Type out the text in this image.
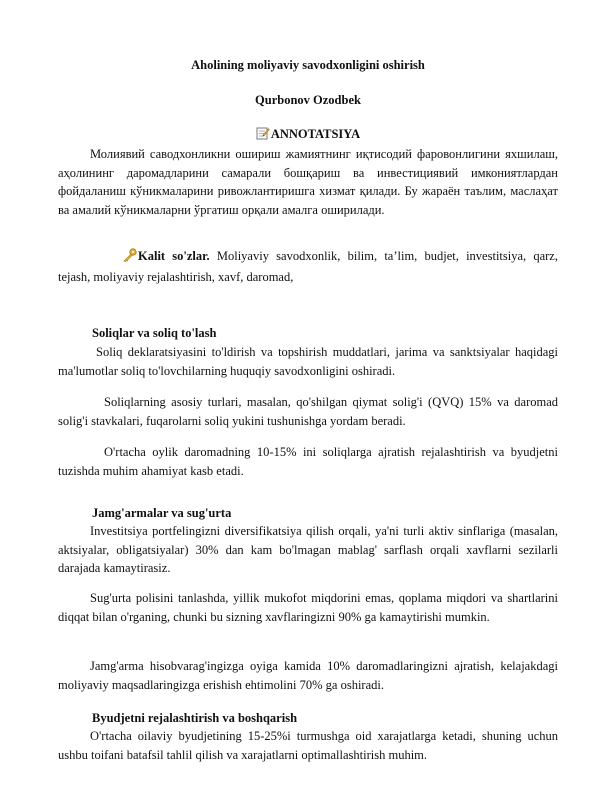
Aholining moliyaviy savodxonligini oshirish
Qurbonov Ozodbek
ANNOTATSIYA

Молиявий саводхонликни ошириш жамиятнинг иқтисодий фаровонлигини яхшилаш, аҳолининг даромадларини самарали бошқариш ва инвестициявий имкониятлардан фойдаланиш кўникмаларини ривожлантиришга хизмат қилади. Бу жараён таълим, маслаҳат ва амалий кўникмаларни ўргатиш орқали амалга оширилади.

Kalit so'zlar. Moliyaviy savodxonlik, bilim, ta’lim, budjet, investitsiya, qarz, tejash, moliyaviy rejalashtirish, xavf, daromad,

Soliqlar va soliq to'lash

Soliq deklaratsiyasini to'ldirish va topshirish muddatlari, jarima va sanktsiyalar haqidagi ma'lumotlar soliq to'lovchilarning huquqiy savodxonligini oshiradi.

Soliqlarning asosiy turlari, masalan, qo'shilgan qiymat solig'i (QVQ) 15% va daromad solig'i stavkalari, fuqarolarni soliq yukini tushunishga yordam beradi.

O'rtacha oylik daromadning 10-15% ini soliqlarga ajratish rejalashtirish va byudjetni tuzishda muhim ahamiyat kasb etadi.

Jamg'armalar va sug'urta

Investitsiya portfelingizni diversifikatsiya qilish orqali, ya'ni turli aktiv sinflariga (masalan, aktsiyalar, obligatsiyalar) 30% dan kam bo'lmagan mablag' sarflash orqali xavflarni sezilarli darajada kamaytirasiz.

Sug'urta polisini tanlashda, yillik mukofot miqdorini emas, qoplama miqdori va shartlarini diqqat bilan o'rganing, chunki bu sizning xavflaringizni 90% ga kamaytirishi mumkin.

Jamg'arma hisobvarag'ingizga oyiga kamida 10% daromadlaringizni ajratish, kelajakdagi moliyaviy maqsadlaringizga erishish ehtimolini 70% ga oshiradi.

Byudjetni rejalashtirish va boshqarish

O'rtacha oilaviy byudjetining 15-25%i turmushga oid xarajatlarga ketadi, shuning uchun ushbu toifani batafsil tahlil qilish va xarajatlarni optimallashtirish muhim.
